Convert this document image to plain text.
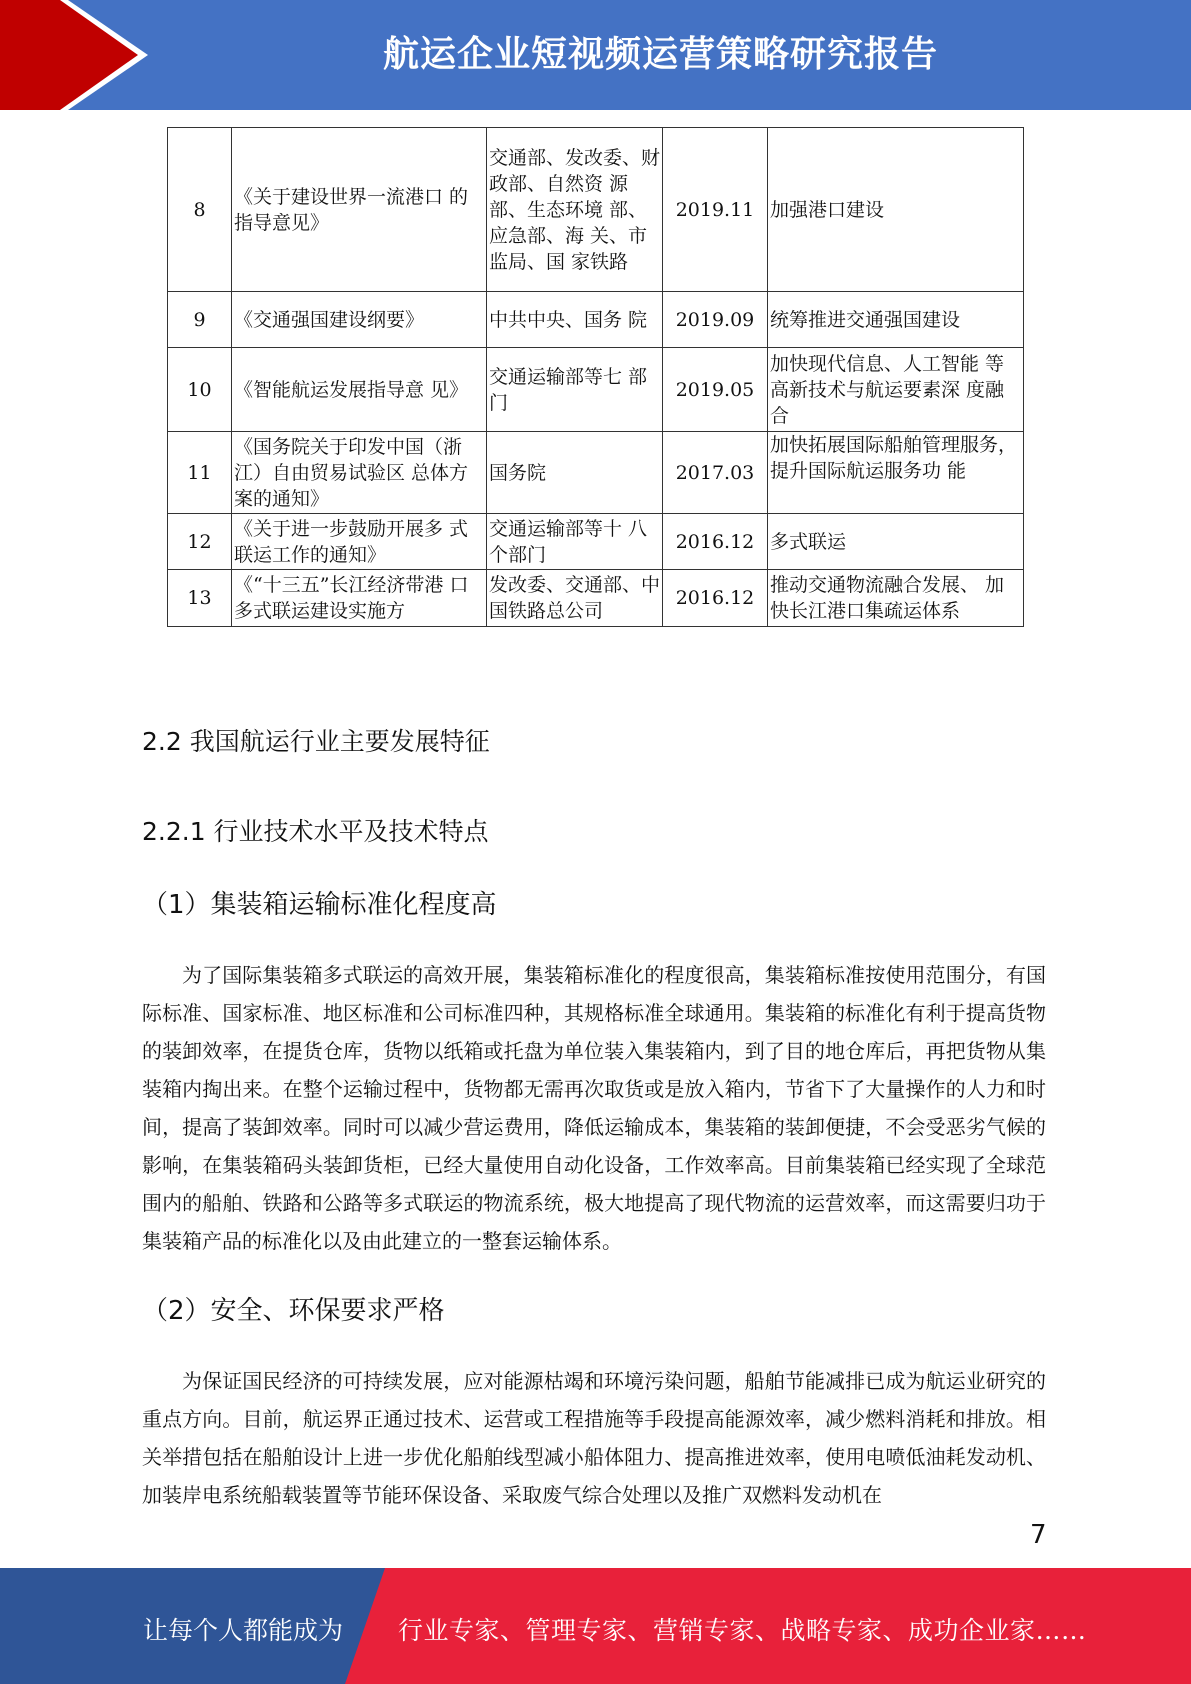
航运企业短视频运营策略研究报告
8	《关于建设世界一流港口 的指导意见》	交通部、发改委、财政部、自然资 源部、生态环境 部、应急部、海 关、市监局、国 家铁路	2019.11	加强港口建设
9	《交通强国建设纲要》	中共中央、国务 院	2019.09	统筹推进交通强国建设
10	《智能航运发展指导意 见》	交通运输部等七 部门	2019.05	加快现代信息、人工智能 等高新技术与航运要素深 度融合
11	《国务院关于印发中国（浙江）自由贸易试验区 总体方案的通知》	国务院	2017.03	加快拓展国际船舶管理服务，提升国际航运服务功 能
12	《关于进一步鼓励开展多 式联运工作的通知》	交通运输部等十 八个部门	2016.12	多式联运
13	《“十三五”长江经济带港 口多式联运建设实施方	发改委、交通部、中国铁路总公司	2016.12	推动交通物流融合发展、 加快长江港口集疏运体系
2.2 我国航运行业主要发展特征
2.2.1 行业技术水平及技术特点
（1）集装箱运输标准化程度高

为了国际集装箱多式联运的高效开展，集装箱标准化的程度很高，集装箱标准按使用范围分，有国际标准、国家标准、地区标准和公司标准四种，其规格标准全球通用。集装箱的标准化有利于提高货物的装卸效率，在提货仓库，货物以纸箱或托盘为单位装入集装箱内，到了目的地仓库后，再把货物从集装箱内掏出来。在整个运输过程中，货物都无需再次取货或是放入箱内，节省下了大量操作的人力和时间，提高了装卸效率。同时可以减少营运费用，降低运输成本，集装箱的装卸便捷，不会受恶劣气候的影响，在集装箱码头装卸货柜，已经大量使用自动化设备，工作效率高。目前集装箱已经实现了全球范围内的船舶、铁路和公路等多式联运的物流系统，极大地提高了现代物流的运营效率，而这需要归功于集装箱产品的标准化以及由此建立的一整套运输体系。

（2）安全、环保要求严格

为保证国民经济的可持续发展，应对能源枯竭和环境污染问题，船舶节能减排已成为航运业研究的重点方向。目前，航运界正通过技术、运营或工程措施等手段提高能源效率，减少燃料消耗和排放。相关举措包括在船舶设计上进一步优化船舶线型减小船体阻力、提高推进效率，使用电喷低油耗发动机、加装岸电系统船载装置等节能环保设备、采取废气综合处理以及推广双燃料发动机在

7
让每个人都能成为 行业专家、管理专家、营销专家、战略专家、成功企业家……
